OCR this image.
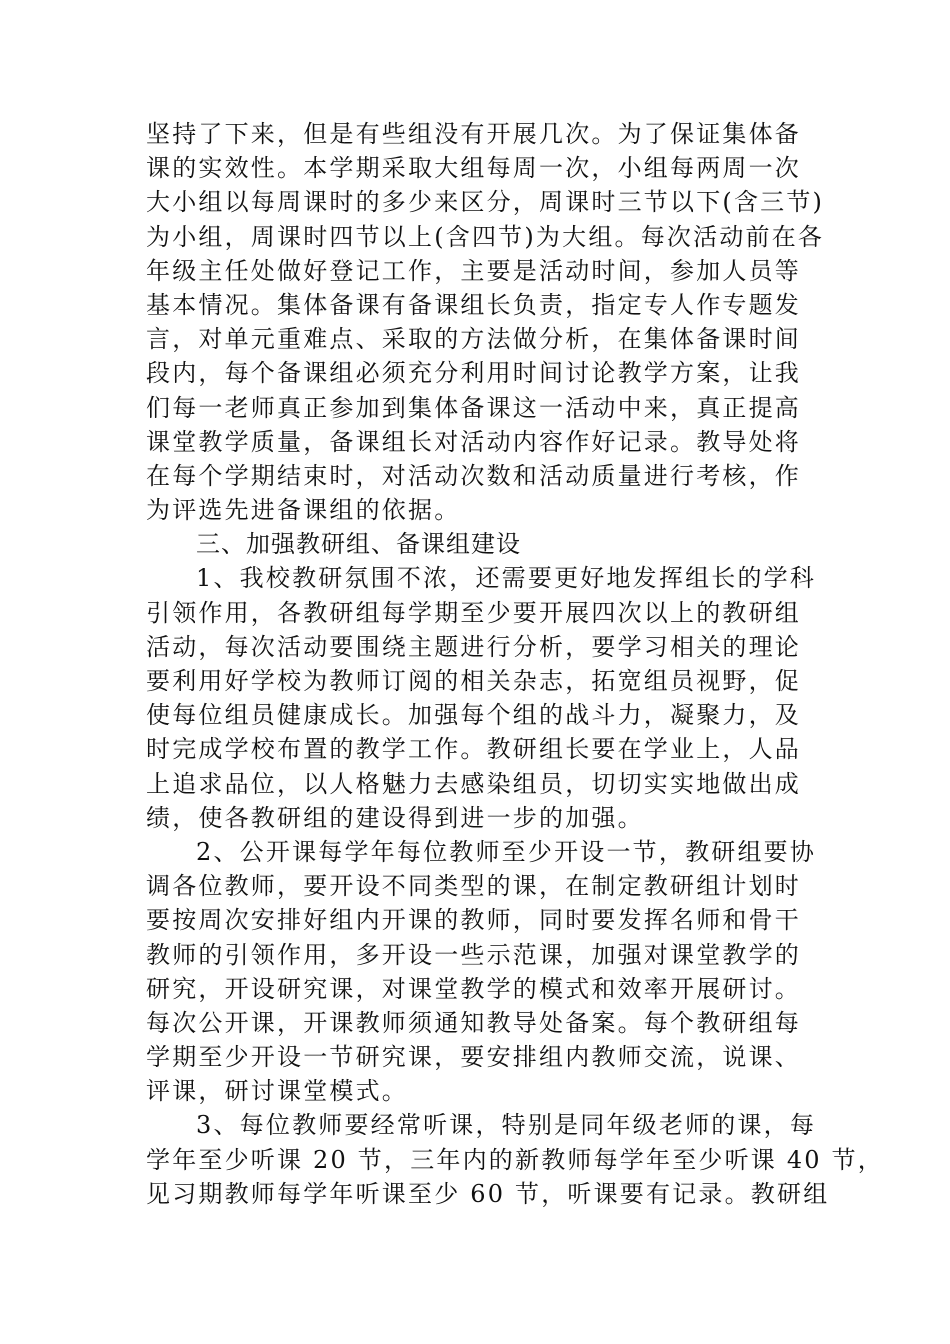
坚持了下来，但是有些组没有开展几次。为了保证集体备
课的实效性。本学期采取大组每周一次，小组每两周一次
大小组以每周课时的多少来区分，周课时三节以下(含三节)
为小组，周课时四节以上(含四节)为大组。每次活动前在各
年级主任处做好登记工作，主要是活动时间，参加人员等
基本情况。集体备课有备课组长负责，指定专人作专题发
言，对单元重难点、采取的方法做分析，在集体备课时间
段内，每个备课组必须充分利用时间讨论教学方案，让我
们每一老师真正参加到集体备课这一活动中来，真正提高
课堂教学质量，备课组长对活动内容作好记录。教导处将
在每个学期结束时，对活动次数和活动质量进行考核，作
为评选先进备课组的依据。
三、加强教研组、备课组建设
1、我校教研氛围不浓，还需要更好地发挥组长的学科
引领作用，各教研组每学期至少要开展四次以上的教研组
活动，每次活动要围绕主题进行分析，要学习相关的理论
要利用好学校为教师订阅的相关杂志，拓宽组员视野，促
使每位组员健康成长。加强每个组的战斗力，凝聚力，及
时完成学校布置的教学工作。教研组长要在学业上，人品
上追求品位，以人格魅力去感染组员，切切实实地做出成
绩，使各教研组的建设得到进一步的加强。
2、公开课每学年每位教师至少开设一节，教研组要协
调各位教师，要开设不同类型的课，在制定教研组计划时
要按周次安排好组内开课的教师，同时要发挥名师和骨干
教师的引领作用，多开设一些示范课，加强对课堂教学的
研究，开设研究课，对课堂教学的模式和效率开展研讨。
每次公开课，开课教师须通知教导处备案。每个教研组每
学期至少开设一节研究课，要安排组内教师交流，说课、
评课，研讨课堂模式。
3、每位教师要经常听课，特别是同年级老师的课，每
学年至少听课 20 节，三年内的新教师每学年至少听课 40 节，
见习期教师每学年听课至少 60 节，听课要有记录。教研组
